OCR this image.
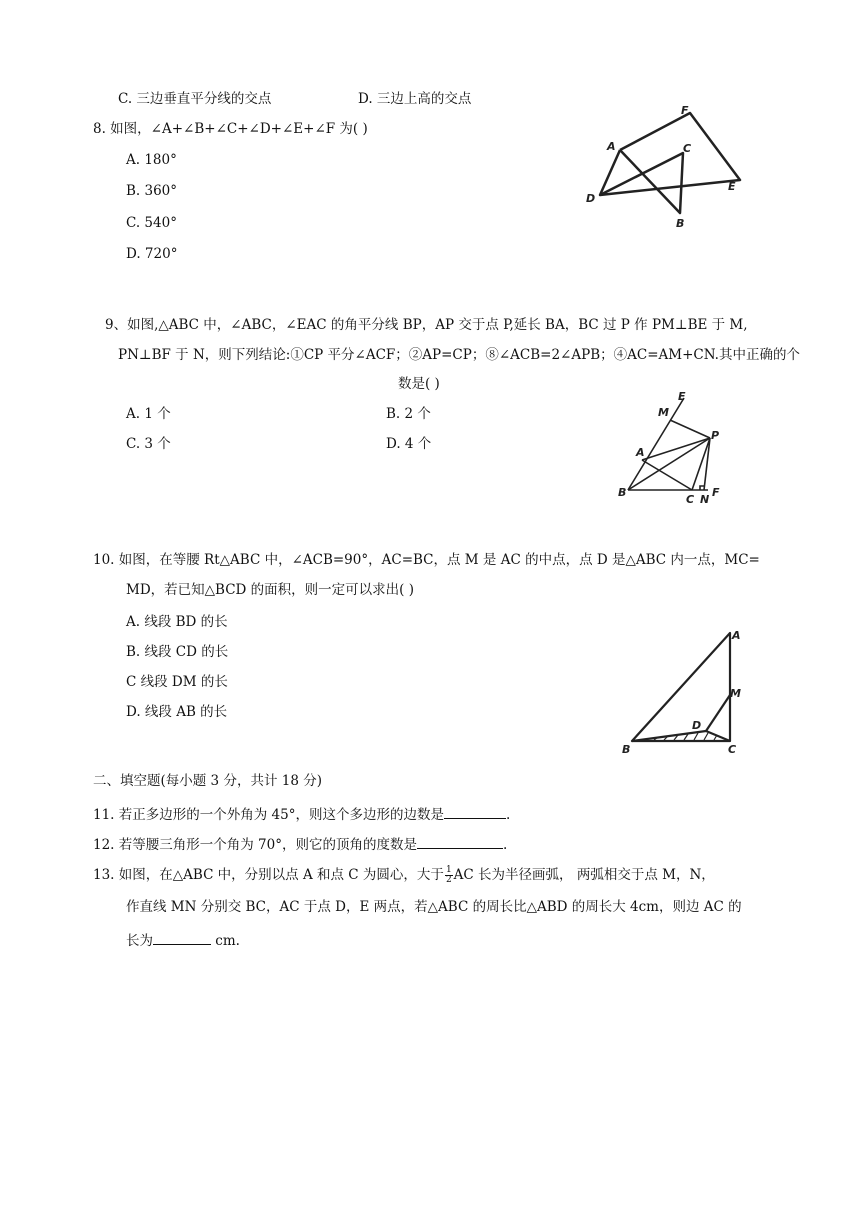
C. 三边垂直平分线的交点	D. 三边上高的交点
8. 如图，∠A+∠B+∠C+∠D+∠E+∠F 为( )
A. 180°
B. 360°
C. 540°
D. 720°
A
F
C
E
D
B
9、如图,△ABC 中，∠ABC，∠EAC 的角平分线 BP，AP 交于点 P,延长 BA，BC 过 P 作 PM⊥BE 于 M,
PN⊥BF 于 N，则下列结论:①CP 平分∠ACF；②AP=CP；⑧∠ACB=2∠APB；④AC=AM+CN.其中正确的个
数是( )
A. 1 个	B. 2 个
C. 3 个	D. 4 个
M
E
P
A
B
C N
F
10. 如图，在等腰 Rt△ABC 中，∠ACB=90°，AC=BC，点 M 是 AC 的中点，点 D 是△ABC 内一点，MC=
MD，若已知△BCD 的面积，则一定可以求出( )
A. 线段 BD 的长
B. 线段 CD 的长
C 线段 DM 的长
D. 线段 AB 的长
A
M
D
B	C
二、填空题(每小题 3 分，共计 18 分)
11. 若正多边形的一个外角为 45°，则这个多边形的边数是	.
12. 若等腰三角形一个角为 70°，则它的顶角的度数是	.
13. 如图，在△ABC 中，分别以点 A 和点 C 为圆心，大于 $\frac{1}{2}$ AC 长为半径画弧， 两弧相交于点 M，N，
作直线 MN 分别交 BC，AC 于点 D，E 两点，若△ABC 的周长比△ABD 的周长大 4cm，则边 AC 的
长为	cm.
